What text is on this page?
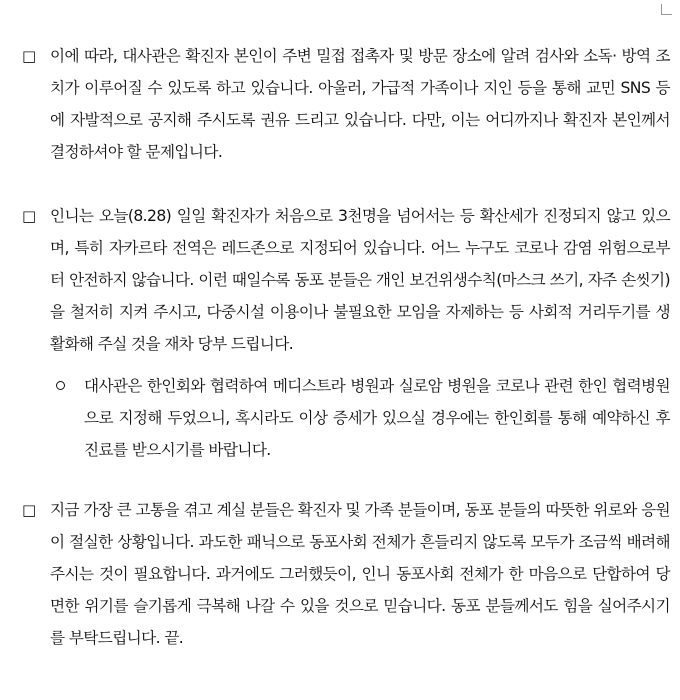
□ 이에 따라, 대사관은 확진자 본인이 주변 밀접 접촉자 및 방문 장소에 알려 검사와 소독· 방역 조치가 이루어질 수 있도록 하고 있습니다. 아울러, 가급적 가족이나 지인 등을 통해 교민 SNS 등에 자발적으로 공지해 주시도록 권유 드리고 있습니다. 다만, 이는 어디까지나 확진자 본인께서 결정하셔야 할 문제입니다.
□ 인니는 오늘(8.28) 일일 확진자가 처음으로 3천명을 넘어서는 등 확산세가 진정되지 않고 있으며, 특히 자카르타 전역은 레드존으로 지정되어 있습니다. 어느 누구도 코로나 감염 위험으로부터 안전하지 않습니다. 이런 때일수록 동포 분들은 개인 보건위생수칙(마스크 쓰기, 자주 손씻기)을 철저히 지켜 주시고, 다중시설 이용이나 불필요한 모임을 자제하는 등 사회적 거리두기를 생활화해 주실 것을 재차 당부 드립니다.
대사관은 한인회와 협력하여 메디스트라 병원과 실로암 병원을 코로나 관련 한인 협력병원으로 지정해 두었으니, 혹시라도 이상 증세가 있으실 경우에는 한인회를 통해 예약하신 후 진료를 받으시기를 바랍니다.
□ 지금 가장 큰 고통을 겪고 계실 분들은 확진자 및 가족 분들이며, 동포 분들의 따뜻한 위로와 응원이 절실한 상황입니다. 과도한 패닉으로 동포사회 전체가 흔들리지 않도록 모두가 조금씩 배려해 주시는 것이 필요합니다. 과거에도 그러했듯이, 인니 동포사회 전체가 한 마음으로 단합하여 당면한 위기를 슬기롭게 극복해 나갈 수 있을 것으로 믿습니다. 동포 분들께서도 힘을 실어주시기를 부탁드립니다. 끝.
